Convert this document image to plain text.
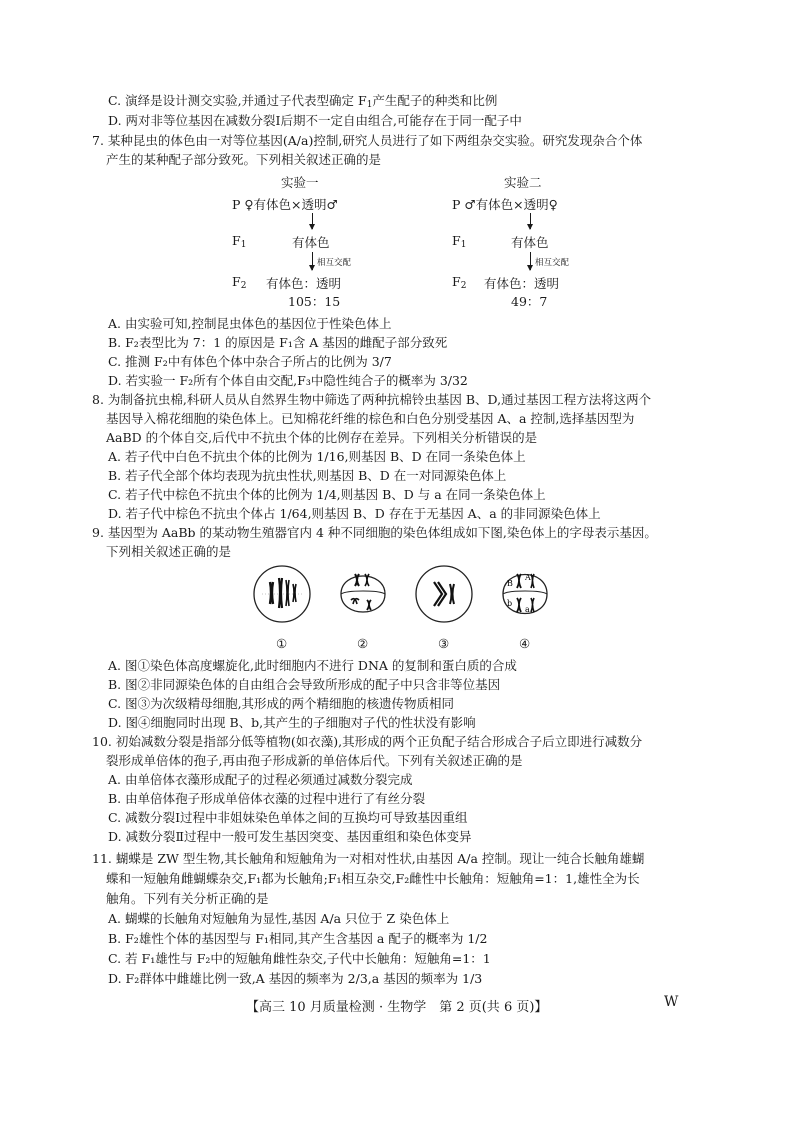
C. 演绎是设计测交实验,并通过子代表型确定 $F_1$产生配子的种类和比例
D. 两对非等位基因在减数分裂Ⅰ后期不一定自由组合,可能存在于同一配子中
7. 某种昆虫的体色由一对等位基因(A/a)控制,研究人员进行了如下两组杂交实验。研究发现杂合个体
产生的某种配子部分致死。下列相关叙述正确的是
实验一
P ♀有体色×透明♂
$F_1$	有体色
相互交配
$F_2$ 有体色：透明
105：15
实验二
P ♂有体色×透明♀
$F_1$	有体色
相互交配
$F_2$ 有体色：透明
49：7
A. 由实验可知,控制昆虫体色的基因位于性染色体上
B. F₂表型比为 7：1 的原因是 F₁含 A 基因的雌配子部分致死
C. 推测 F₂中有体色个体中杂合子所占的比例为 3/7
D. 若实验一 F₂所有个体自由交配,F₃中隐性纯合子的概率为 3/32
8. 为制备抗虫棉,科研人员从自然界生物中筛选了两种抗棉铃虫基因 B、D,通过基因工程方法将这两个
基因导入棉花细胞的染色体上。已知棉花纤维的棕色和白色分别受基因 A、a 控制,选择基因型为
AaBD 的个体自交,后代中不抗虫个体的比例存在差异。下列相关分析错误的是
A. 若子代中白色不抗虫个体的比例为 1/16,则基因 B、D 在同一条染色体上
B. 若子代全部个体均表现为抗虫性状,则基因 B、D 在一对同源染色体上
C. 若子代中棕色不抗虫个体的比例为 1/4,则基因 B、D 与 a 在同一条染色体上
D. 若子代中棕色不抗虫个体占 1/64,则基因 B、D 存在于无基因 A、a 的非同源染色体上
9. 基因型为 AaBb 的某动物生殖器官内 4 种不同细胞的染色体组成如下图,染色体上的字母表示基因。
下列相关叙述正确的是
B
A
b
a
①	②	③	④
A. 图①染色体高度螺旋化,此时细胞内不进行 DNA 的复制和蛋白质的合成
B. 图②非同源染色体的自由组合会导致所形成的配子中只含非等位基因
C. 图③为次级精母细胞,其形成的两个精细胞的核遗传物质相同
D. 图④细胞同时出现 B、b,其产生的子细胞对子代的性状没有影响
10. 初始减数分裂是指部分低等植物(如衣藻),其形成的两个正负配子结合形成合子后立即进行减数分
裂形成单倍体的孢子,再由孢子形成新的单倍体后代。下列有关叙述正确的是
A. 由单倍体衣藻形成配子的过程必须通过减数分裂完成
B. 由单倍体孢子形成单倍体衣藻的过程中进行了有丝分裂
C. 减数分裂Ⅰ过程中非姐妹染色单体之间的互换均可导致基因重组
D. 减数分裂Ⅱ过程中一般可发生基因突变、基因重组和染色体变异
11. 蝴蝶是 ZW 型生物,其长触角和短触角为一对相对性状,由基因 A/a 控制。现让一纯合长触角雄蝴
蝶和一短触角雌蝴蝶杂交,F₁都为长触角;F₁相互杂交,F₂雌性中长触角：短触角=1：1,雄性全为长
触角。下列有关分析正确的是
A. 蝴蝶的长触角对短触角为显性,基因 A/a 只位于 Z 染色体上
B. F₂雄性个体的基因型与 F₁相同,其产生含基因 a 配子的概率为 1/2
C. 若 F₁雄性与 F₂中的短触角雌性杂交,子代中长触角：短触角=1：1
D. F₂群体中雌雄比例一致,A 基因的频率为 2/3,a 基因的频率为 1/3
【高三 10 月质量检测 · 生物学　第 2 页(共 6 页)】	W
